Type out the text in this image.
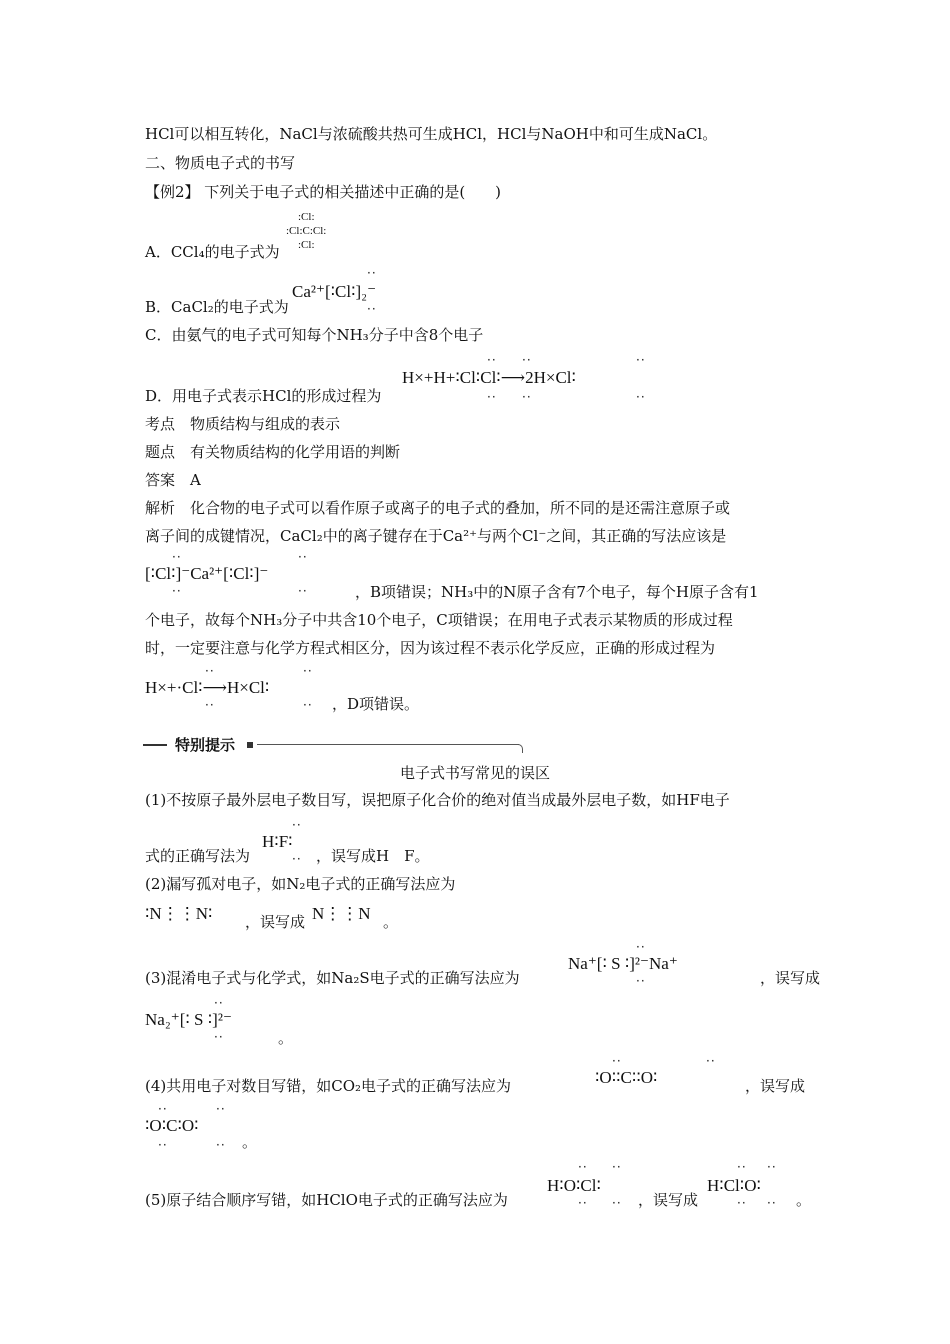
HCl可以相互转化，NaCl与浓硫酸共热可生成HCl，HCl与NaOH中和可生成NaCl。
二、物质电子式的书写
【例2】 下列关于电子式的相关描述中正确的是(　　)
:Cl:
:Cl:C:Cl:
:Cl:
A．CCl₄的电子式为
··
Ca²⁺[∶Cl∶]₂⁻
··
B．CaCl₂的电子式为
C．由氨气的电子式可知每个NH₃分子中含8个电子
·· ··	··
H×+H+∶Cl∶Cl∶⟶2H×Cl∶
·· ··	··
D．用电子式表示HCl的形成过程为
考点　物质结构与组成的表示
题点　有关物质结构的化学用语的判断
答案　A
解析　化合物的电子式可以看作原子或离子的电子式的叠加，所不同的是还需注意原子或
离子间的成键情况，CaCl₂中的离子键存在于Ca²⁺与两个Cl⁻之间，其正确的写法应该是
··	··
[∶Cl∶]⁻Ca²⁺[∶Cl∶]⁻
··	··	，B项错误；NH₃中的N原子含有7个电子，每个H原子含有1
个电子，故每个NH₃分子中共含10个电子，C项错误；在用电子式表示某物质的形成过程
时，一定要注意与化学方程式相区分，因为该过程不表示化学反应，正确的形成过程为
··	··
H×+·Cl∶⟶H×Cl∶
··	·· ，D项错误。
特别提示
电子式书写常见的误区
(1)不按原子最外层电子数目写，误把原子化合价的绝对值当成最外层电子数，如HF电子
··
H∶F∶
··
式的正确写法为	，误写成H　F。
(2)漏写孤对电子，如N₂电子式的正确写法应为
∶N⋮⋮N∶ ，误写成 N⋮⋮N 。
··
Na⁺[∶ S ∶]²⁻Na⁺
··
(3)混淆电子式与化学式，如Na₂S电子式的正确写法应为	，误写成
··
Na₂⁺[∶ S ∶]²⁻
··	。
··	··
∶O∶∶C∶∶O∶
(4)共用电子对数目写错，如CO₂电子式的正确写法应为	，误写成
··	··
∶O∶C∶O∶
··	·· 。
·· ··
H∶O∶Cl∶
·· ··
(5)原子结合顺序写错，如HClO电子式的正确写法应为	，误写成
·· ··
H∶Cl∶O∶
·· ·· 。
